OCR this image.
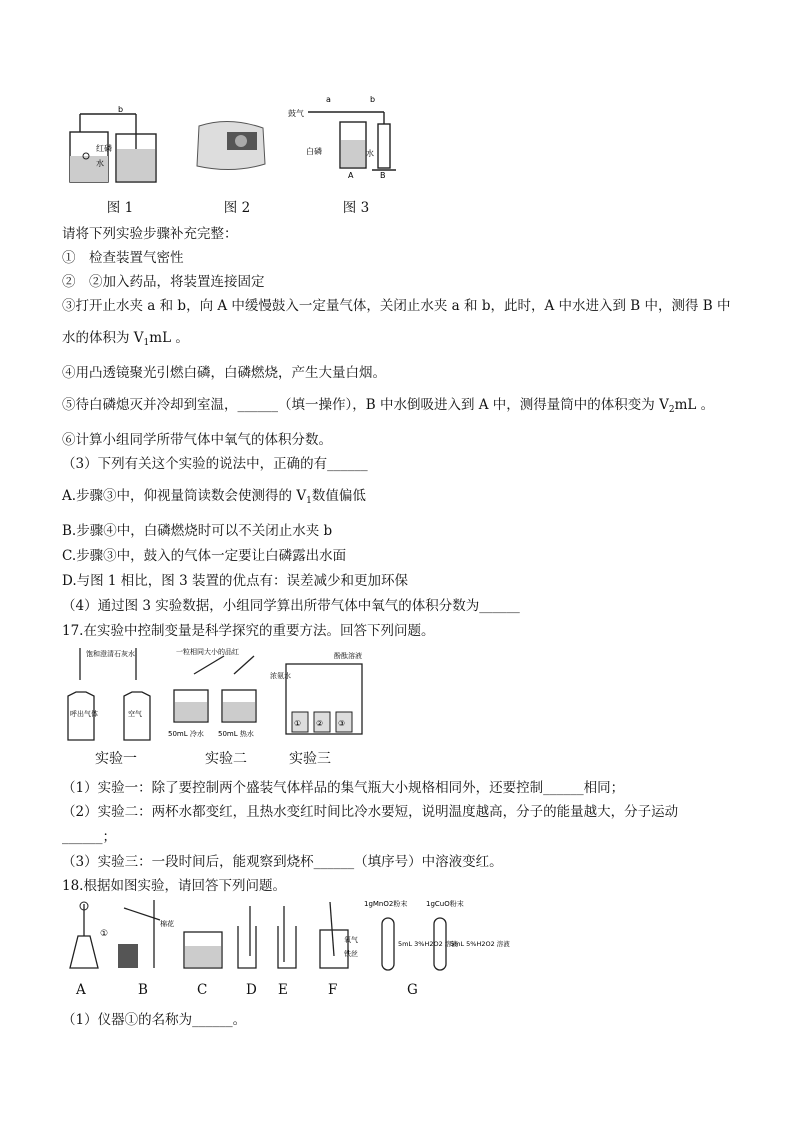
b
红磷
水
鼓气
a	b
白磷	水
A	B
图 1	图 2	图 3
请将下列实验步骤补充完整：
①　检查装置气密性
②　②加入药品，将装置连接固定
③打开止水夹 a 和 b，向 A 中缓慢鼓入一定量气体，关闭止水夹 a 和 b，此时，A 中水进入到 B 中，测得 B 中
水的体积为 $V_1mL$ 。
④用凸透镜聚光引燃白磷，白磷燃烧，产生大量白烟。
⑤待白磷熄灭并冷却到室温，______（填一操作），B 中水倒吸进入到 A 中，测得量筒中的体积变为 $V_2mL$ 。
⑥计算小组同学所带气体中氧气的体积分数。
（3）下列有关这个实验的说法中，正确的有______
A.步骤③中，仰视量筒读数会使测得的 $V_1$数值偏低
B.步骤④中，白磷燃烧时可以不关闭止水夹 b
C.步骤③中，鼓入的气体一定要让白磷露出水面
D.与图 1 相比，图 3 装置的优点有：误差减少和更加环保
（4）通过图 3 实验数据，小组同学算出所带气体中氧气的体积分数为______
17.在实验中控制变量是科学探究的重要方法。回答下列问题。
饱和澄清石灰水
呼出气体	空气
一粒相同大小的品红
50mL 冷水 50mL 热水
浓氨水
酚酞溶液
① ② ③
实验一	实验二	实验三
（1）实验一：除了要控制两个盛装气体样品的集气瓶大小规格相同外，还要控制______相同；
（2）实验二：两杯水都变红，且热水变红时间比冷水要短，说明温度越高，分子的能量越大，分子运动
______；
（3）实验三：一段时间后，能观察到烧杯______（填序号）中溶液变红。
18.根据如图实验，请回答下列问题。
①
棉花
氧气
铁丝
1gMnO2粉末	1gCuO粉末
5mL 3%H2O2 溶液
5mL 5%H2O2 溶液
A	B	C	D E	F	G
（1）仪器①的名称为______。
